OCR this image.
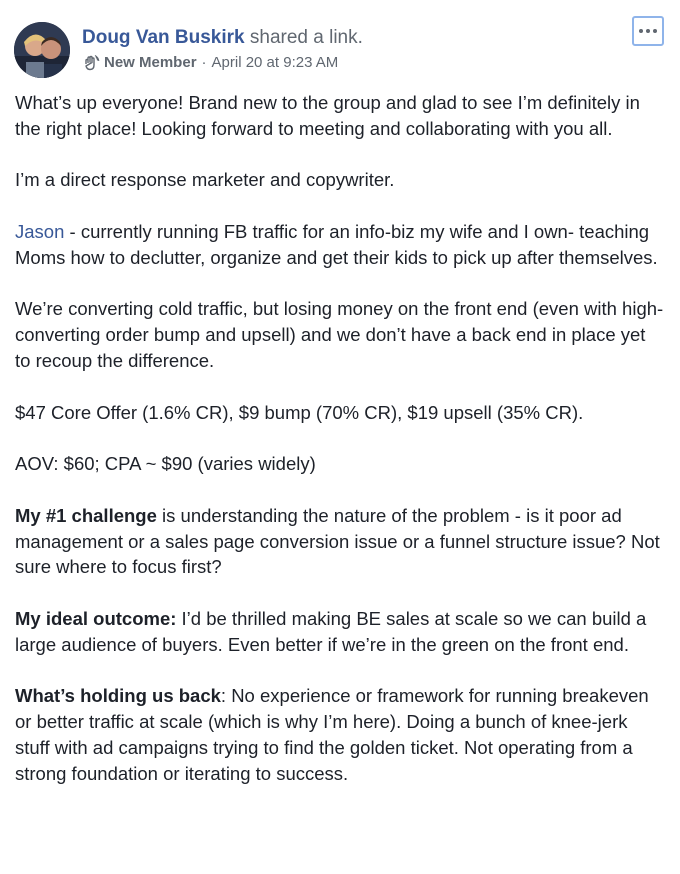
Doug Van Buskirk shared a link.
New Member · April 20 at 9:23 AM

What’s up everyone! Brand new to the group and glad to see I’m definitely in the right place! Looking forward to meeting and collaborating with you all.

I’m a direct response marketer and copywriter.

Jason - currently running FB traffic for an info-biz my wife and I own- teaching Moms how to declutter, organize and get their kids to pick up after themselves.

We’re converting cold traffic, but losing money on the front end (even with high-converting order bump and upsell) and we don’t have a back end in place yet to recoup the difference.

$47 Core Offer (1.6% CR), $9 bump (70% CR), $19 upsell (35% CR).

AOV: $60; CPA ~ $90 (varies widely)

My #1 challenge is understanding the nature of the problem - is it poor ad management or a sales page conversion issue or a funnel structure issue? Not sure where to focus first?

My ideal outcome: I’d be thrilled making BE sales at scale so we can build a large audience of buyers. Even better if we’re in the green on the front end.

What’s holding us back: No experience or framework for running breakeven or better traffic at scale (which is why I’m here). Doing a bunch of knee-jerk stuff with ad campaigns trying to find the golden ticket. Not operating from a strong foundation or iterating to success.
